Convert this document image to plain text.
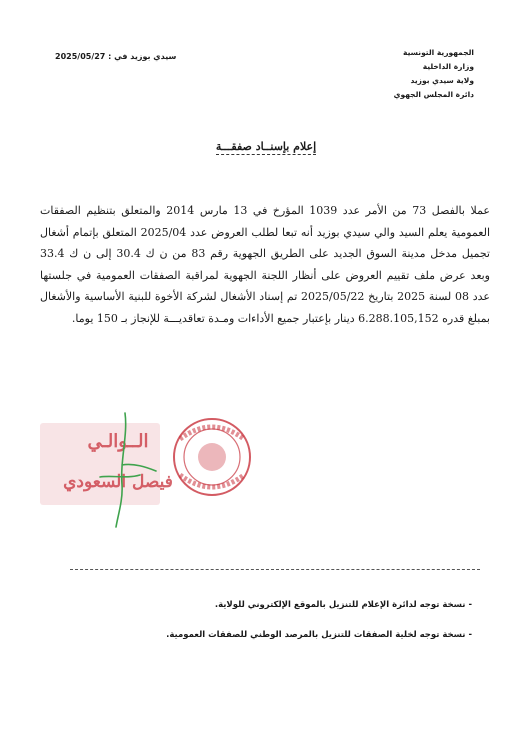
الجمهورية التونسية
وزارة الداخلية
ولاية سيدي بوزيد
دائرة المجلس الجهوي
سيدي بوزيد في : 2025/05/27
إعلام بإسنــاد صفقـــة

عملا بالفصل 73 من الأمر عدد 1039 المؤرخ في 13 مارس 2014 والمتعلق بتنظيم الصفقات العمومية يعلم السيد والي سيدي بوزيد أنه تبعا لطلب العروض عدد 2025/04 المتعلق بإتمام أشغال تجميل مدخل مدينة السوق الجديد على الطريق الجهوية رقم 83 من ن ك 30.4 إلى ن ك 33.4 وبعد عرض ملف تقييم العروض على أنظار اللجنة الجهوية لمراقبة الصفقات العمومية في جلستها عدد 08 لسنة 2025 بتاريخ 2025/05/22 تم إسناد الأشغال لشركة الأخوة للبنية الأساسية والأشغال بمبلغ قدره 6.288.105,152 دينار بإعتبار جميع الأداءات ومـدة تعاقديـــة للإنجاز بـ 150 يوما.

الــوالـي
فيصل السعودي
- نسخة توجه لدائرة الإعلام للتنزيل بالموقع الإلكتروني للولاية.
- نسخة توجه لخلية الصفقات للتنزيل بالمرصد الوطني للصفقات العمومية.
